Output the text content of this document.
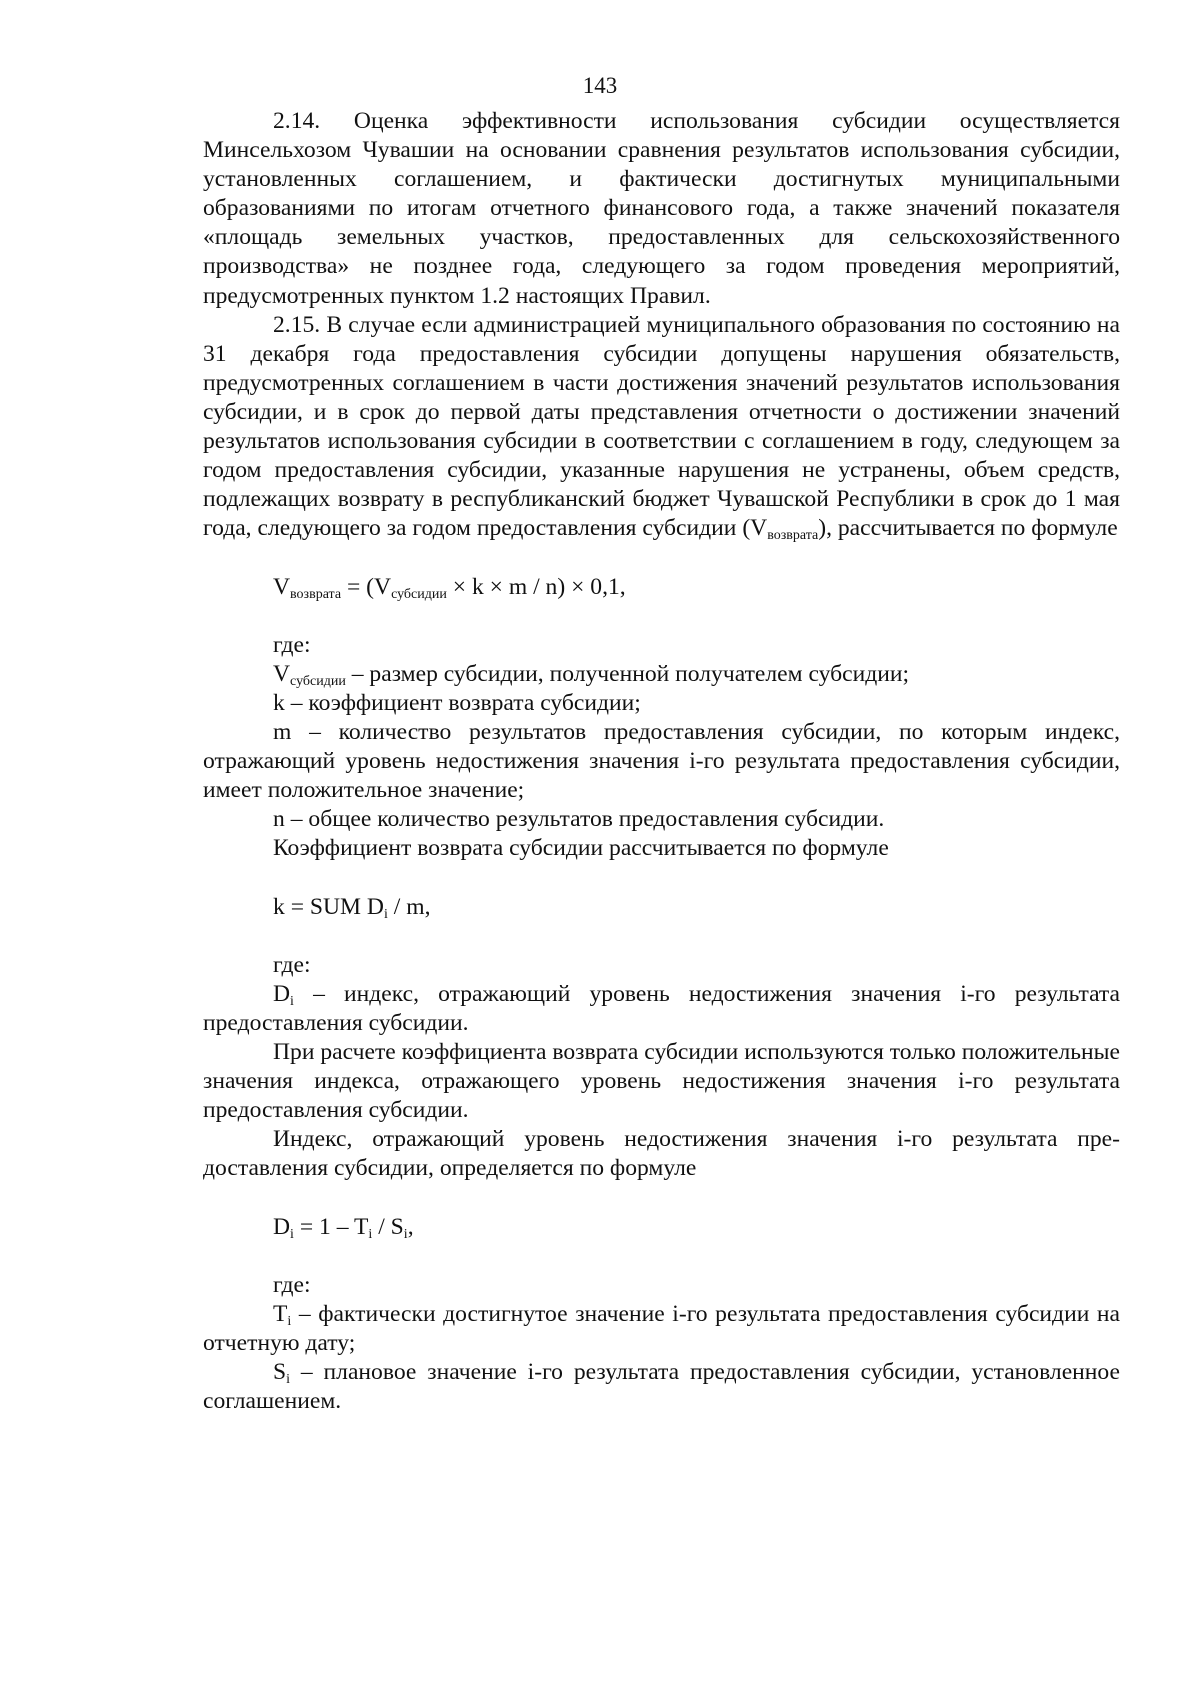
143

2.14. Оценка эффективности использования субсидии осуществляется Минсельхозом Чувашии на основании сравнения результатов использования субсидии, установленных соглашением, и фактически достигнутых муниципальными образованиями по итогам отчетного финансового года, а также значений показателя «площадь земельных участков, предоставленных для сельскохозяйственного производства» не позднее года, следующего за годом проведения мероприятий, предусмотренных пунктом 1.2 настоящих Правил.

2.15. В случае если администрацией муниципального образования по состоянию на 31 декабря года предоставления субсидии допущены нарушения обязательств, предусмотренных соглашением в части достижения значений результатов использования субсидии, и в срок до первой даты представления отчетности о достижении значений результатов использования субсидии в соответствии с соглашением в году, следующем за годом предоставления субсидии, указанные нарушения не устранены, объем средств, подлежащих возврату в республиканский бюджет Чувашской Республики в срок до 1 мая года, следующего за годом предоставления субсидии $(V_{возврата})$, рассчитывается по формуле

$V_{возврата} = (V_{субсидии} \times k \times m / n) \times 0,1$,

где:

$V_{субсидии}$ – размер субсидии, полученной получателем субсидии;

k – коэффициент возврата субсидии;

m – количество результатов предоставления субсидии, по которым индекс, отражающий уровень недостижения значения i-го результата предоставления субсидии, имеет положительное значение;

n – общее количество результатов предоставления субсидии.

Коэффициент возврата субсидии рассчитывается по формуле

k = SUM $D_i$ / m,

где:

$D_i$ – индекс, отражающий уровень недостижения значения i-го результата предоставления субсидии.

При расчете коэффициента возврата субсидии используются только положительные значения индекса, отражающего уровень недостижения значения i-го результата предоставления субсидии.

Индекс, отражающий уровень недостижения значения i-го результата предоставления субсидии, определяется по формуле

$D_i = 1 - T_i / S_i$,

где:

$T_i$ – фактически достигнутое значение i-го результата предоставления субсидии на отчетную дату;

$S_i$ – плановое значение i-го результата предоставления субсидии, установленное соглашением.
